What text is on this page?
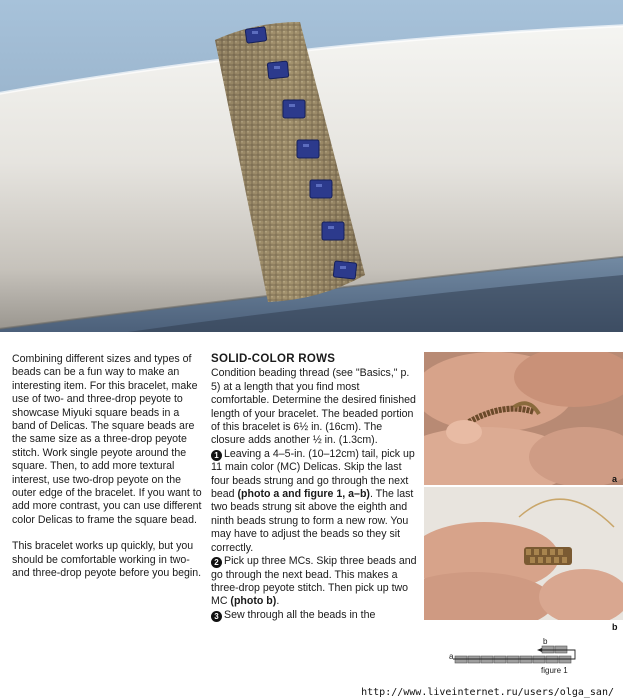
Combining different sizes and types of beads can be a fun way to make an interesting item. For this bracelet, make use of two- and three-drop peyote to showcase Miyuki square beads in a band of Delicas. The square beads are the same size as a three-drop peyote stitch. Work single peyote around the square. Then, to add more textural interest, use two-drop peyote on the outer edge of the bracelet. If you want to add more contrast, you can use different color Delicas to frame the square bead.

This bracelet works up quickly, but you should be comfortable working in two- and three-drop peyote before you begin.

SOLID-COLOR ROWS

Condition beading thread (see "Basics," p. 5) at a length that you find most comfortable. Determine the desired finished length of your bracelet. The beaded portion of this bracelet is 6½ in. (16cm). The closure adds another ½ in. (1.3cm).

1 Leaving a 4–5-in. (10–12cm) tail, pick up 11 main color (MC) Delicas. Skip the last four beads strung and go through the next bead (photo a and figure 1, a–b). The last two beads strung sit above the eighth and ninth beads strung to form a new row. You may have to adjust the beads so they sit correctly.

2 Pick up three MCs. Skip three beads and go through the next bead. This makes a three-drop peyote stitch. Then pick up two MC (photo b).

3 Sew through all the beads in the

a
b
a
b
figure 1
http://www.liveinternet.ru/users/olga_san/
